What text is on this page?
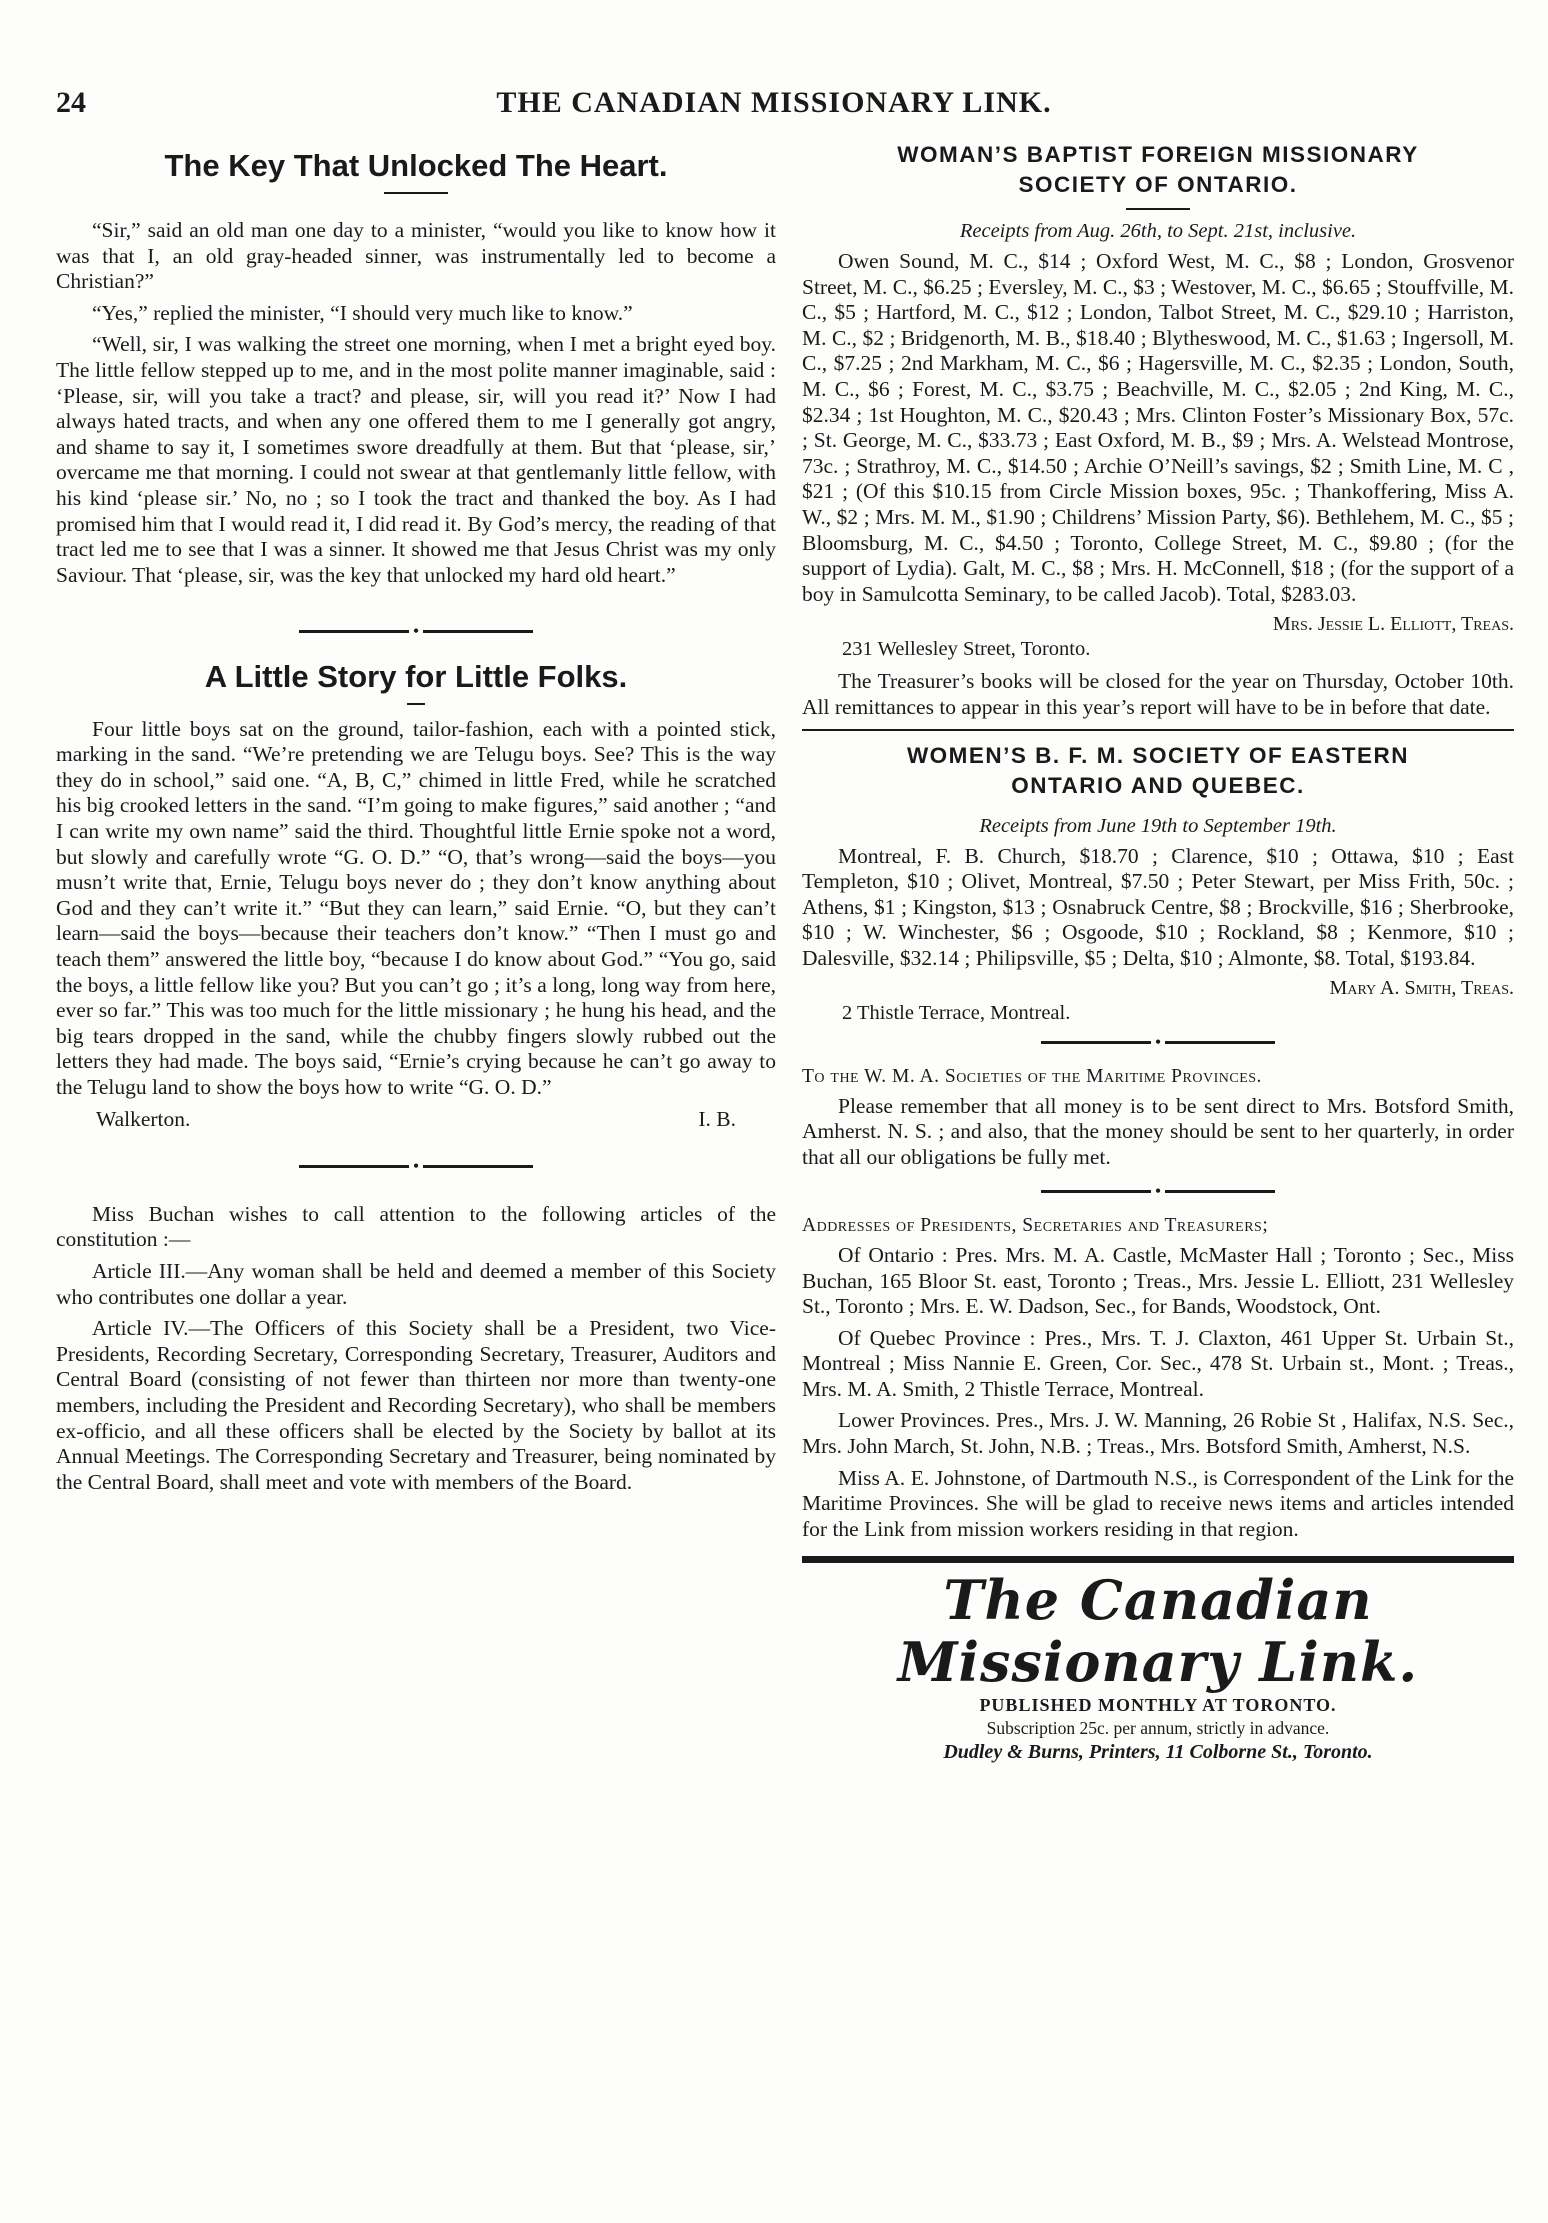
24	THE CANADIAN MISSIONARY LINK.
The Key That Unlocked The Heart.

“Sir,” said an old man one day to a minister, “would you like to know how it was that I, an old gray-headed sinner, was instrumentally led to become a Christian?”

“Yes,” replied the minister, “I should very much like to know.”

“Well, sir, I was walking the street one morning, when I met a bright eyed boy. The little fellow stepped up to me, and in the most polite manner imaginable, said : ‘Please, sir, will you take a tract? and please, sir, will you read it?’ Now I had always hated tracts, and when any one offered them to me I generally got angry, and shame to say it, I sometimes swore dreadfully at them. But that ‘please, sir,’ overcame me that morning. I could not swear at that gentlemanly little fellow, with his kind ‘please sir.’ No, no ; so I took the tract and thanked the boy. As I had promised him that I would read it, I did read it. By God’s mercy, the reading of that tract led me to see that I was a sinner. It showed me that Jesus Christ was my only Saviour. That ‘please, sir, was the key that unlocked my hard old heart.”

•
A Little Story for Little Folks.

Four little boys sat on the ground, tailor-fashion, each with a pointed stick, marking in the sand. “We’re pretending we are Telugu boys. See? This is the way they do in school,” said one. “A, B, C,” chimed in little Fred, while he scratched his big crooked letters in the sand. “I’m going to make figures,” said another ; “and I can write my own name” said the third. Thoughtful little Ernie spoke not a word, but slowly and carefully wrote “G. O. D.” “O, that’s wrong—said the boys—you musn’t write that, Ernie, Telugu boys never do ; they don’t know anything about God and they can’t write it.” “But they can learn,” said Ernie. “O, but they can’t learn—said the boys—because their teachers don’t know.” “Then I must go and teach them” answered the little boy, “because I do know about God.” “You go, said the boys, a little fellow like you? But you can’t go ; it’s a long, long way from here, ever so far.” This was too much for the little missionary ; he hung his head, and the big tears dropped in the sand, while the chubby fingers slowly rubbed out the letters they had made. The boys said, “Ernie’s crying because he can’t go away to the Telugu land to show the boys how to write “G. O. D.”

Walkerton.	I. B.
•

Miss Buchan wishes to call attention to the following articles of the constitution :—

Article III.—Any woman shall be held and deemed a member of this Society who contributes one dollar a year.

Article IV.—The Officers of this Society shall be a President, two Vice-Presidents, Recording Secretary, Corresponding Secretary, Treasurer, Auditors and Central Board (consisting of not fewer than thirteen nor more than twenty-one members, including the President and Recording Secretary), who shall be members ex-officio, and all these officers shall be elected by the Society by ballot at its Annual Meetings. The Corresponding Secretary and Treasurer, being nominated by the Central Board, shall meet and vote with members of the Board.

WOMAN’S BAPTIST FOREIGN MISSIONARY
SOCIETY OF ONTARIO.
Receipts from Aug. 26th, to Sept. 21st, inclusive.

Owen Sound, M. C., $14 ; Oxford West, M. C., $8 ; London, Grosvenor Street, M. C., $6.25 ; Eversley, M. C., $3 ; Westover, M. C., $6.65 ; Stouffville, M. C., $5 ; Hartford, M. C., $12 ; London, Talbot Street, M. C., $29.10 ; Harriston, M. C., $2 ; Bridgenorth, M. B., $18.40 ; Blytheswood, M. C., $1.63 ; Ingersoll, M. C., $7.25 ; 2nd Markham, M. C., $6 ; Hagersville, M. C., $2.35 ; London, South, M. C., $6 ; Forest, M. C., $3.75 ; Beachville, M. C., $2.05 ; 2nd King, M. C., $2.34 ; 1st Houghton, M. C., $20.43 ; Mrs. Clinton Foster’s Missionary Box, 57c. ; St. George, M. C., $33.73 ; East Oxford, M. B., $9 ; Mrs. A. Welstead Montrose, 73c. ; Strathroy, M. C., $14.50 ; Archie O’Neill’s savings, $2 ; Smith Line, M. C , $21 ; (Of this $10.15 from Circle Mission boxes, 95c. ; Thankoffering, Miss A. W., $2 ; Mrs. M. M., $1.90 ; Childrens’ Mission Party, $6). Bethlehem, M. C., $5 ; Bloomsburg, M. C., $4.50 ; Toronto, College Street, M. C., $9.80 ; (for the support of Lydia). Galt, M. C., $8 ; Mrs. H. McConnell, $18 ; (for the support of a boy in Samulcotta Seminary, to be called Jacob). Total, $283.03.

Mrs. Jessie L. Elliott, Treas.
231 Wellesley Street, Toronto.

The Treasurer’s books will be closed for the year on Thursday, October 10th. All remittances to appear in this year’s report will have to be in before that date.

WOMEN’S B. F. M. SOCIETY OF EASTERN
ONTARIO AND QUEBEC.
Receipts from June 19th to September 19th.

Montreal, F. B. Church, $18.70 ; Clarence, $10 ; Ottawa, $10 ; East Templeton, $10 ; Olivet, Montreal, $7.50 ; Peter Stewart, per Miss Frith, 50c. ; Athens, $1 ; Kingston, $13 ; Osnabruck Centre, $8 ; Brockville, $16 ; Sherbrooke, $10 ; W. Winchester, $6 ; Osgoode, $10 ; Rockland, $8 ; Kenmore, $10 ; Dalesville, $32.14 ; Philipsville, $5 ; Delta, $10 ; Almonte, $8. Total, $193.84.

Mary A. Smith, Treas.
2 Thistle Terrace, Montreal.
•
To the W. M. A. Societies of the Maritime Provinces.

Please remember that all money is to be sent direct to Mrs. Botsford Smith, Amherst. N. S. ; and also, that the money should be sent to her quarterly, in order that all our obligations be fully met.

•
Addresses of Presidents, Secretaries and Treasurers;

Of Ontario : Pres. Mrs. M. A. Castle, McMaster Hall ; Toronto ; Sec., Miss Buchan, 165 Bloor St. east, Toronto ; Treas., Mrs. Jessie L. Elliott, 231 Wellesley St., Toronto ; Mrs. E. W. Dadson, Sec., for Bands, Woodstock, Ont.

Of Quebec Province : Pres., Mrs. T. J. Claxton, 461 Upper St. Urbain St., Montreal ; Miss Nannie E. Green, Cor. Sec., 478 St. Urbain st., Mont. ; Treas., Mrs. M. A. Smith, 2 Thistle Terrace, Montreal.

Lower Provinces. Pres., Mrs. J. W. Manning, 26 Robie St , Halifax, N.S. Sec., Mrs. John March, St. John, N.B. ; Treas., Mrs. Botsford Smith, Amherst, N.S.

Miss A. E. Johnstone, of Dartmouth N.S., is Correspondent of the Link for the Maritime Provinces. She will be glad to receive news items and articles intended for the Link from mission workers residing in that region.

The Canadian Missionary Link.
PUBLISHED MONTHLY AT TORONTO.
Subscription 25c. per annum, strictly in advance.
Dudley & Burns, Printers, 11 Colborne St., Toronto.
